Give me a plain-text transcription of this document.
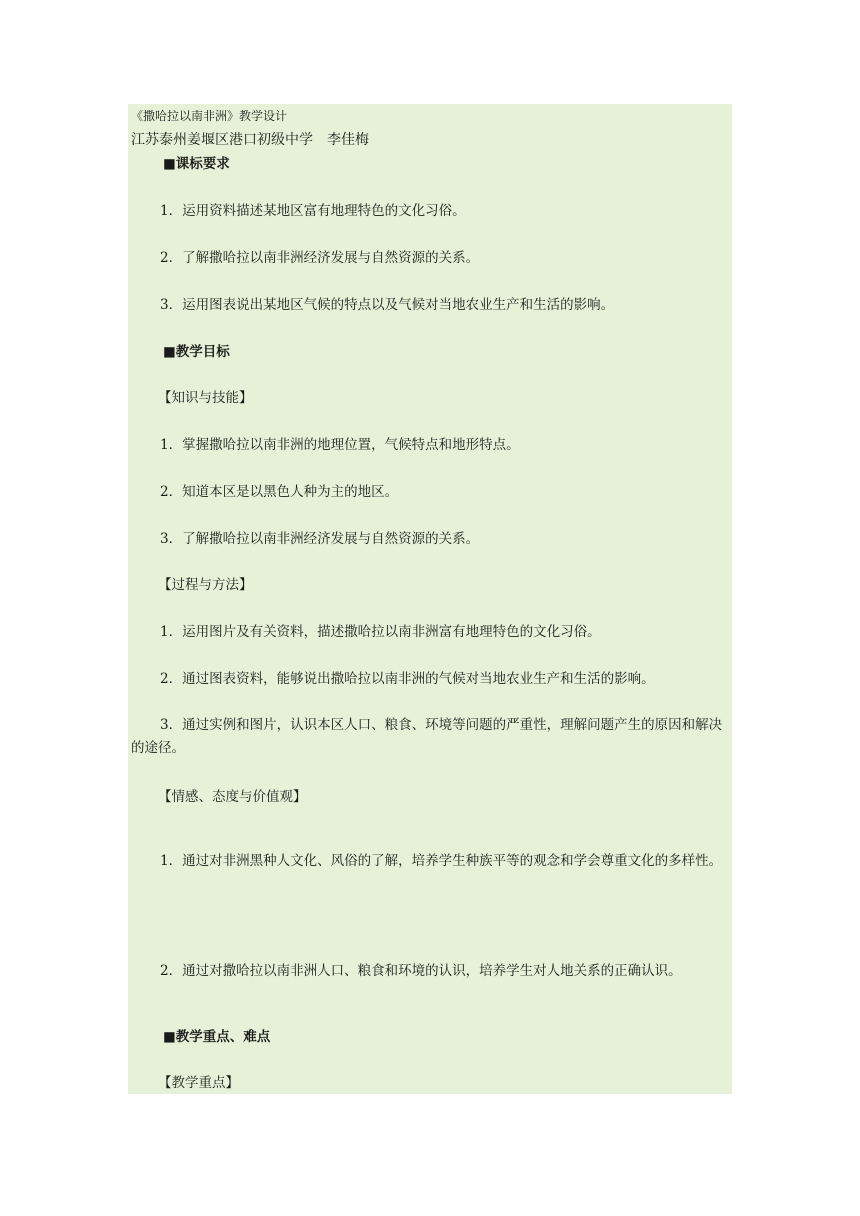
《撒哈拉以南非洲》教学设计
江苏泰州姜堰区港口初级中学 李佳梅
■课标要求
1．运用资料描述某地区富有地理特色的文化习俗。
2．了解撒哈拉以南非洲经济发展与自然资源的关系。
3．运用图表说出某地区气候的特点以及气候对当地农业生产和生活的影响。
■教学目标
【知识与技能】
1．掌握撒哈拉以南非洲的地理位置，气候特点和地形特点。
2．知道本区是以黑色人种为主的地区。
3．了解撒哈拉以南非洲经济发展与自然资源的关系。
【过程与方法】
1．运用图片及有关资料，描述撒哈拉以南非洲富有地理特色的文化习俗。
2．通过图表资料，能够说出撒哈拉以南非洲的气候对当地农业生产和生活的影响。
3．通过实例和图片，认识本区人口、粮食、环境等问题的严重性，理解问题产生的原因和解决的途径。
【情感、态度与价值观】
1．通过对非洲黑种人文化、风俗的了解，培养学生种族平等的观念和学会尊重文化的多样性。
2．通过对撒哈拉以南非洲人口、粮食和环境的认识，培养学生对人地关系的正确认识。
■教学重点、难点
【教学重点】
